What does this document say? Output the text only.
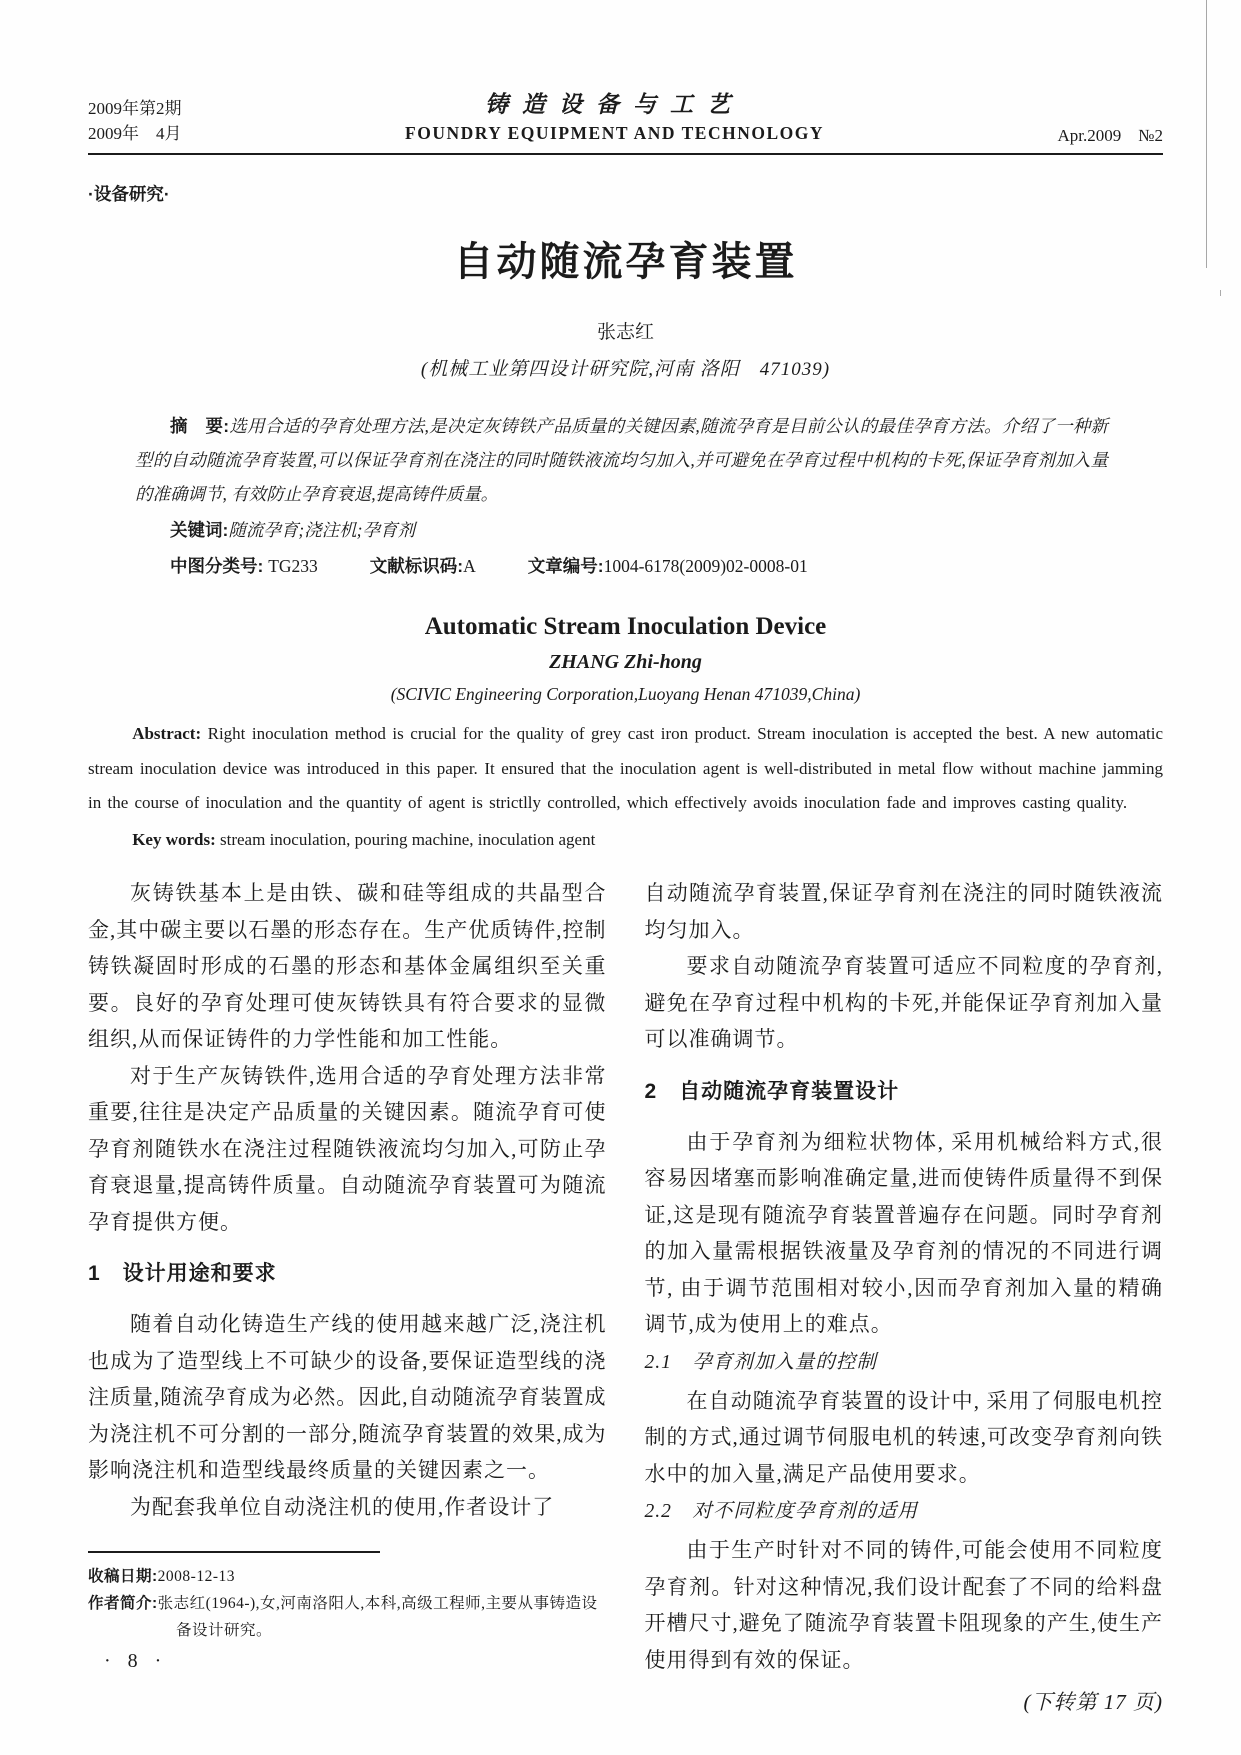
2009年第2期
2009年　4月
铸造设备与工艺
FOUNDRY EQUIPMENT AND TECHNOLOGY	Apr.2009　№2
·设备研究·
自动随流孕育装置
张志红
(机械工业第四设计研究院,河南 洛阳　471039)
摘　要:选用合适的孕育处理方法,是决定灰铸铁产品质量的关键因素,随流孕育是目前公认的最佳孕育方法。介绍了一种新型的自动随流孕育装置,可以保证孕育剂在浇注的同时随铁液流均匀加入,并可避免在孕育过程中机构的卡死,保证孕育剂加入量的准确调节, 有效防止孕育衰退,提高铸件质量。
关键词:随流孕育;浇注机;孕育剂
中图分类号: TG233	文献标识码:A	文章编号:1004-6178(2009)02-0008-01
Automatic Stream Inoculation Device
ZHANG Zhi-hong
(SCIVIC Engineering Corporation,Luoyang Henan 471039,China)
Abstract: Right inoculation method is crucial for the quality of grey cast iron product. Stream inoculation is accepted the best. A new automatic stream inoculation device was introduced in this paper. It ensured that the inoculation agent is well-distributed in metal flow without machine jamming in the course of inoculation and the quantity of agent is strictlly controlled, which effectively avoids inoculation fade and improves casting quality.
Key words: stream inoculation, pouring machine, inoculation agent

灰铸铁基本上是由铁、碳和硅等组成的共晶型合金,其中碳主要以石墨的形态存在。生产优质铸件,控制铸铁凝固时形成的石墨的形态和基体金属组织至关重要。良好的孕育处理可使灰铸铁具有符合要求的显微组织,从而保证铸件的力学性能和加工性能。

对于生产灰铸铁件,选用合适的孕育处理方法非常重要,往往是决定产品质量的关键因素。随流孕育可使孕育剂随铁水在浇注过程随铁液流均匀加入,可防止孕育衰退量,提高铸件质量。自动随流孕育装置可为随流孕育提供方便。

1　设计用途和要求

随着自动化铸造生产线的使用越来越广泛,浇注机也成为了造型线上不可缺少的设备,要保证造型线的浇注质量,随流孕育成为必然。因此,自动随流孕育装置成为浇注机不可分割的一部分,随流孕育装置的效果,成为影响浇注机和造型线最终质量的关键因素之一。

为配套我单位自动浇注机的使用,作者设计了

收稿日期:2008-12-13

作者简介:张志红(1964-),女,河南洛阳人,本科,高级工程师,主要从事铸造设备设计研究。

自动随流孕育装置,保证孕育剂在浇注的同时随铁液流均匀加入。

要求自动随流孕育装置可适应不同粒度的孕育剂,避免在孕育过程中机构的卡死,并能保证孕育剂加入量可以准确调节。

2　自动随流孕育装置设计

由于孕育剂为细粒状物体, 采用机械给料方式,很容易因堵塞而影响准确定量,进而使铸件质量得不到保证,这是现有随流孕育装置普遍存在问题。同时孕育剂的加入量需根据铁液量及孕育剂的情况的不同进行调节, 由于调节范围相对较小,因而孕育剂加入量的精确调节,成为使用上的难点。

2.1　孕育剂加入量的控制

在自动随流孕育装置的设计中, 采用了伺服电机控制的方式,通过调节伺服电机的转速,可改变孕育剂向铁水中的加入量,满足产品使用要求。

2.2　对不同粒度孕育剂的适用

由于生产时针对不同的铸件,可能会使用不同粒度孕育剂。针对这种情况,我们设计配套了不同的给料盘开槽尺寸,避免了随流孕育装置卡阻现象的产生,使生产使用得到有效的保证。

(下转第 17 页)

· 8 ·
